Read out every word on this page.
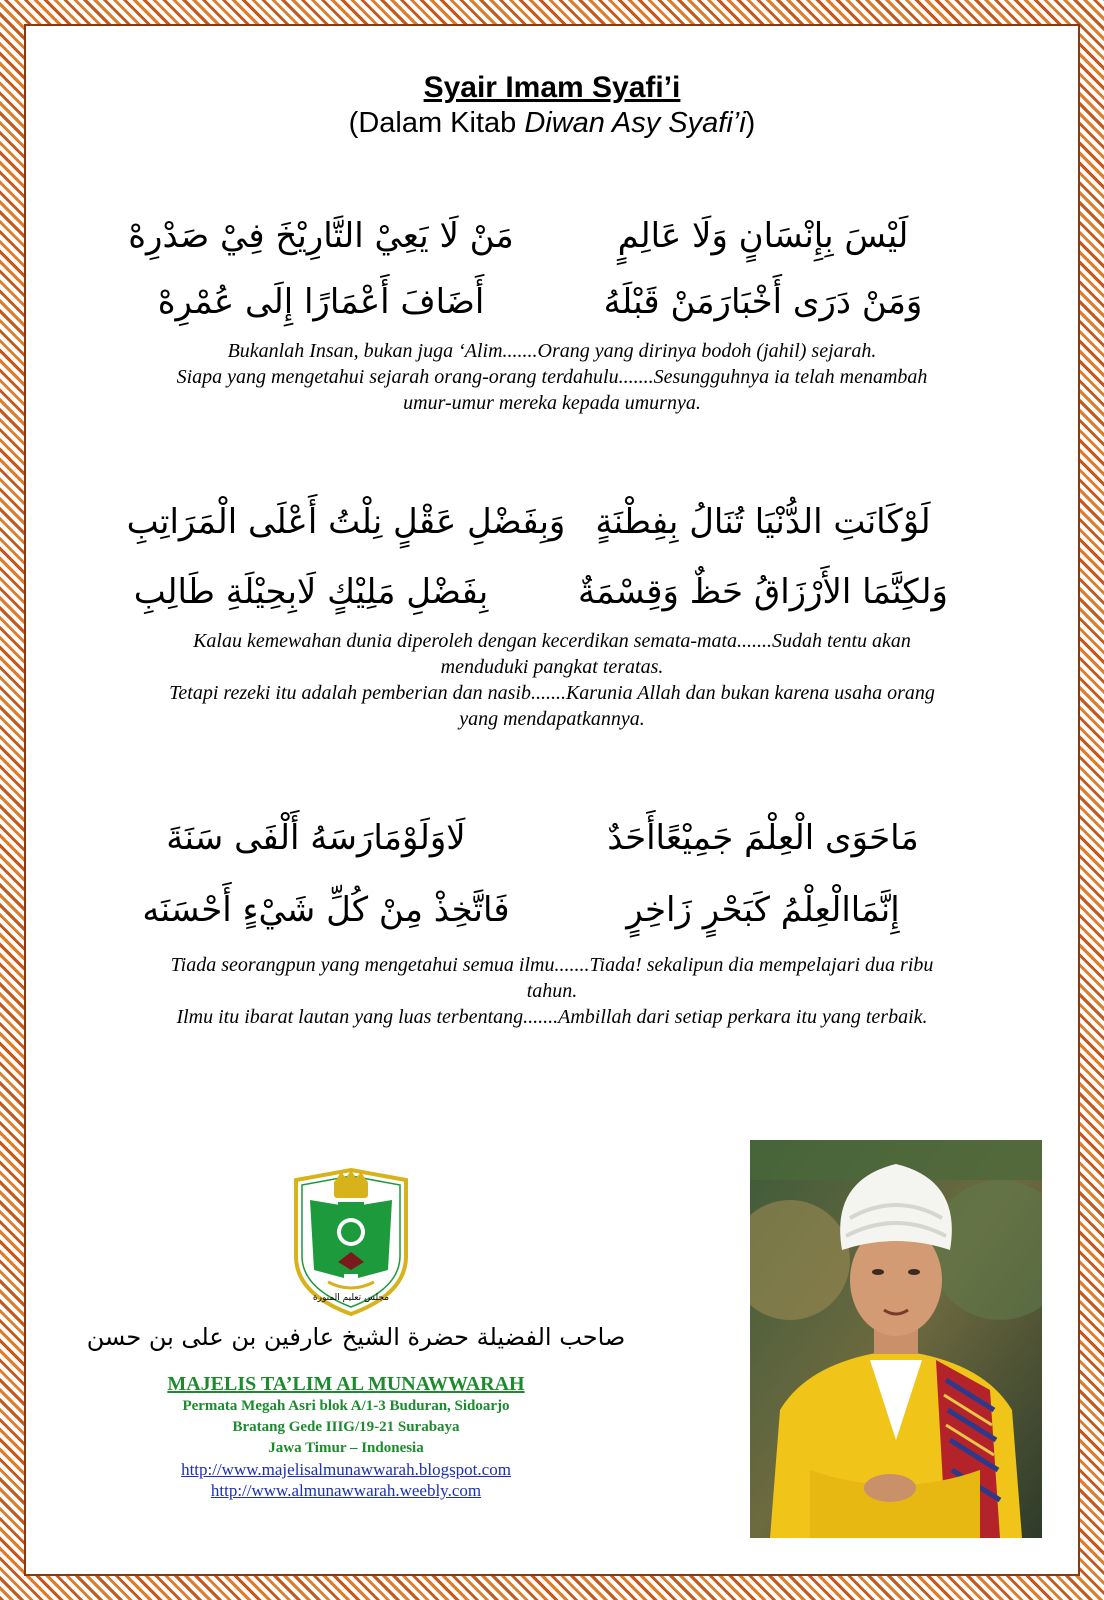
Syair Imam Syafi’i
(Dalam Kitab Diwan Asy Syafi’i)
لَيْسَ بِإِنْسَانٍ وَلَا عَالِمٍ
مَنْ لَا يَعِيْ التَّارِيْخَ فِيْ صَدْرِهْ
وَمَنْ دَرَى أَخْبَارَمَنْ قَبْلَهُ
أَضَافَ أَعْمَارًا إِلَى عُمْرِهْ
Bukanlah Insan, bukan juga ‘Alim.......Orang yang dirinya bodoh (jahil) sejarah.
Siapa yang mengetahui sejarah orang-orang terdahulu.......Sesungguhnya ia telah menambah
umur-umur mereka kepada umurnya.
لَوْكَانَتِ الدُّنْيَا تُنَالُ بِفِطْنَةٍ
وَبِفَضْلِ عَقْلٍ نِلْتُ أَعْلَى الْمَرَاتِبِ
وَلكِنَّمَا الأَرْزَاقُ حَظٌ وَقِسْمَةٌ
بِفَضْلِ مَلِيْكٍ لَابِحِيْلَةِ طَالِبِ
Kalau kemewahan dunia diperoleh dengan kecerdikan semata-mata.......Sudah tentu akan
menduduki pangkat teratas.
Tetapi rezeki itu adalah pemberian dan nasib.......Karunia Allah dan bukan karena usaha orang
yang mendapatkannya.
مَاحَوَى الْعِلْمَ جَمِيْعًاأَحَدٌ
لَاوَلَوْمَارَسَهُ أَلْفَى سَنَةَ
إِنَّمَاالْعِلْمُ كَبَحْرٍ زَاخِرٍ
فَاتَّخِذْ مِنْ كُلِّ شَيْءٍ أَحْسَنَه
Tiada seorangpun yang mengetahui semua ilmu.......Tiada! sekalipun dia mempelajari dua ribu
tahun.
Ilmu itu ibarat lautan yang luas terbentang.......Ambillah dari setiap perkara itu yang terbaik.
مجلس تعليم المنورة
صاحب الفضيلة حضرة الشيخ عارفين بن على بن حسن
MAJELIS TA’LIM AL MUNAWWARAH
Permata Megah Asri blok A/1-3 Buduran, Sidoarjo
Bratang Gede IIIG/19-21 Surabaya
Jawa Timur – Indonesia
http://www.majelisalmunawwarah.blogspot.com
http://www.almunawwarah.weebly.com
